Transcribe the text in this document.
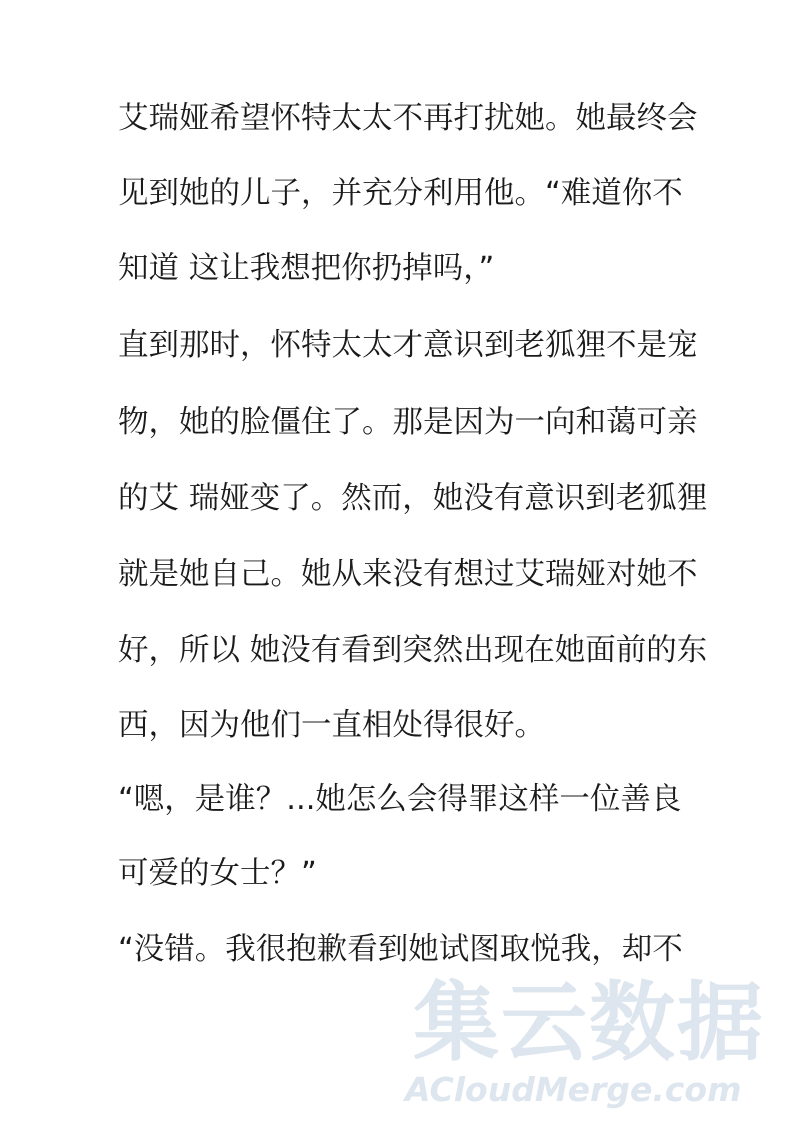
艾瑞娅希望怀特太太不再打扰她。她最终会

见到她的儿子，并充分利用他。“难道你不

知道 这让我想把你扔掉吗，”

直到那时，怀特太太才意识到老狐狸不是宠

物，她的脸僵住了。那是因为一向和蔼可亲

的艾 瑞娅变了。然而，她没有意识到老狐狸

就是她自己。她从来没有想过艾瑞娅对她不

好，所以 她没有看到突然出现在她面前的东

西，因为他们一直相处得很好。

“嗯，是谁？...她怎么会得罪这样一位善良

可爱的女士？”

“没错。我很抱歉看到她试图取悦我，却不

集云数据
ACloudMerge.com
